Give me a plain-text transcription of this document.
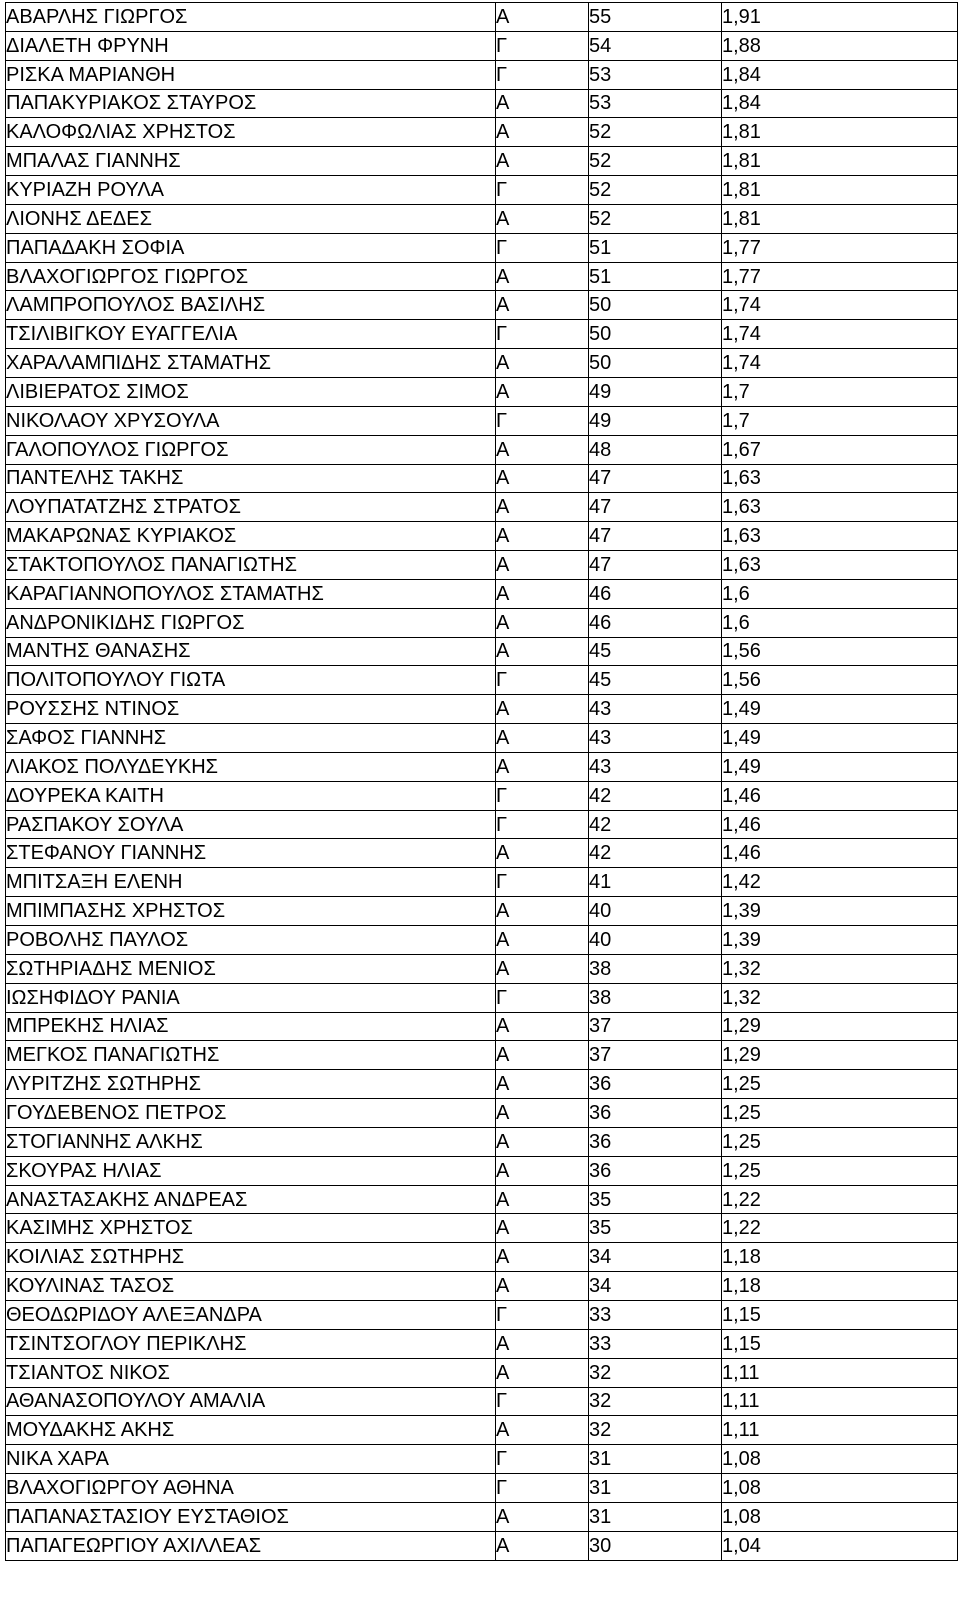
ΑΒΑΡΛΗΣ ΓΙΩΡΓΟΣ	Α	55	1,91
ΔΙΑΛΕΤΗ ΦΡΥΝΗ	Γ	54	1,88
ΡΙΣΚΑ ΜΑΡΙΑΝΘΗ	Γ	53	1,84
ΠΑΠΑΚΥΡΙΑΚΟΣ ΣΤΑΥΡΟΣ	Α	53	1,84
ΚΑΛΟΦΩΛΙΑΣ ΧΡΗΣΤΟΣ	Α	52	1,81
ΜΠΑΛΑΣ ΓΙΑΝΝΗΣ	Α	52	1,81
ΚΥΡΙΑΖΗ ΡΟΥΛΑ	Γ	52	1,81
ΛΙΟΝΗΣ ΔΕΔΕΣ	Α	52	1,81
ΠΑΠΑΔΑΚΗ ΣΟΦΙΑ	Γ	51	1,77
ΒΛΑΧΟΓΙΩΡΓΟΣ ΓΙΩΡΓΟΣ	Α	51	1,77
ΛΑΜΠΡΟΠΟΥΛΟΣ ΒΑΣΙΛΗΣ	Α	50	1,74
ΤΣΙΛΙΒΙΓΚΟΥ ΕΥΑΓΓΕΛΙΑ	Γ	50	1,74
ΧΑΡΑΛΑΜΠΙΔΗΣ ΣΤΑΜΑΤΗΣ	Α	50	1,74
ΛΙΒΙΕΡΑΤΟΣ ΣΙΜΟΣ	Α	49	1,7
ΝΙΚΟΛΑΟΥ ΧΡΥΣΟΥΛΑ	Γ	49	1,7
ΓΑΛΟΠΟΥΛΟΣ ΓΙΩΡΓΟΣ	Α	48	1,67
ΠΑΝΤΕΛΗΣ ΤΑΚΗΣ	Α	47	1,63
ΛΟΥΠΑΤΑΤΖΗΣ ΣΤΡΑΤΟΣ	Α	47	1,63
ΜΑΚΑΡΩΝΑΣ ΚΥΡΙΑΚΟΣ	Α	47	1,63
ΣΤΑΚΤΟΠΟΥΛΟΣ ΠΑΝΑΓΙΩΤΗΣ	Α	47	1,63
ΚΑΡΑΓΙΑΝΝΟΠΟΥΛΟΣ ΣΤΑΜΑΤΗΣ	Α	46	1,6
ΑΝΔΡΟΝΙΚΙΔΗΣ ΓΙΩΡΓΟΣ	Α	46	1,6
ΜΑΝΤΗΣ ΘΑΝΑΣΗΣ	Α	45	1,56
ΠΟΛΙΤΟΠΟΥΛΟΥ ΓΙΩΤΑ	Γ	45	1,56
ΡΟΥΣΣΗΣ ΝΤΙΝΟΣ	Α	43	1,49
ΣΑΦΟΣ ΓΙΑΝΝΗΣ	Α	43	1,49
ΛΙΑΚΟΣ ΠΟΛΥΔΕΥΚΗΣ	Α	43	1,49
ΔΟΥΡΕΚΑ ΚΑΙΤΗ	Γ	42	1,46
ΡΑΣΠΑΚΟΥ ΣΟΥΛΑ	Γ	42	1,46
ΣΤΕΦΑΝΟΥ ΓΙΑΝΝΗΣ	Α	42	1,46
ΜΠΙΤΣΑΞΗ ΕΛΕΝΗ	Γ	41	1,42
ΜΠΙΜΠΑΣΗΣ ΧΡΗΣΤΟΣ	Α	40	1,39
ΡΟΒΟΛΗΣ ΠΑΥΛΟΣ	Α	40	1,39
ΣΩΤΗΡΙΑΔΗΣ ΜΕΝΙΟΣ	Α	38	1,32
ΙΩΣΗΦΙΔΟΥ ΡΑΝΙΑ	Γ	38	1,32
ΜΠΡΕΚΗΣ ΗΛΙΑΣ	Α	37	1,29
ΜΕΓΚΟΣ ΠΑΝΑΓΙΩΤΗΣ	Α	37	1,29
ΛΥΡΙΤΖΗΣ ΣΩΤΗΡΗΣ	Α	36	1,25
ΓΟΥΔΕΒΕΝΟΣ ΠΕΤΡΟΣ	Α	36	1,25
ΣΤΟΓΙΑΝΝΗΣ ΑΛΚΗΣ	Α	36	1,25
ΣΚΟΥΡΑΣ ΗΛΙΑΣ	Α	36	1,25
ΑΝΑΣΤΑΣΑΚΗΣ ΑΝΔΡΕΑΣ	Α	35	1,22
ΚΑΣΙΜΗΣ ΧΡΗΣΤΟΣ	Α	35	1,22
ΚΟΙΛΙΑΣ ΣΩΤΗΡΗΣ	Α	34	1,18
ΚΟΥΛΙΝΑΣ ΤΑΣΟΣ	Α	34	1,18
ΘΕΟΔΩΡΙΔΟΥ ΑΛΕΞΑΝΔΡΑ	Γ	33	1,15
ΤΣΙΝΤΣΟΓΛΟΥ ΠΕΡΙΚΛΗΣ	Α	33	1,15
ΤΣΙΑΝΤΟΣ ΝΙΚΟΣ	Α	32	1,11
ΑΘΑΝΑΣΟΠΟΥΛΟΥ ΑΜΑΛΙΑ	Γ	32	1,11
ΜΟΥΔΑΚΗΣ ΑΚΗΣ	Α	32	1,11
ΝΙΚΑ ΧΑΡΑ	Γ	31	1,08
ΒΛΑΧΟΓΙΩΡΓΟΥ ΑΘΗΝΑ	Γ	31	1,08
ΠΑΠΑΝΑΣΤΑΣΙΟΥ ΕΥΣΤΑΘΙΟΣ	Α	31	1,08
ΠΑΠΑΓΕΩΡΓΙΟΥ ΑΧΙΛΛΕΑΣ	Α	30	1,04
